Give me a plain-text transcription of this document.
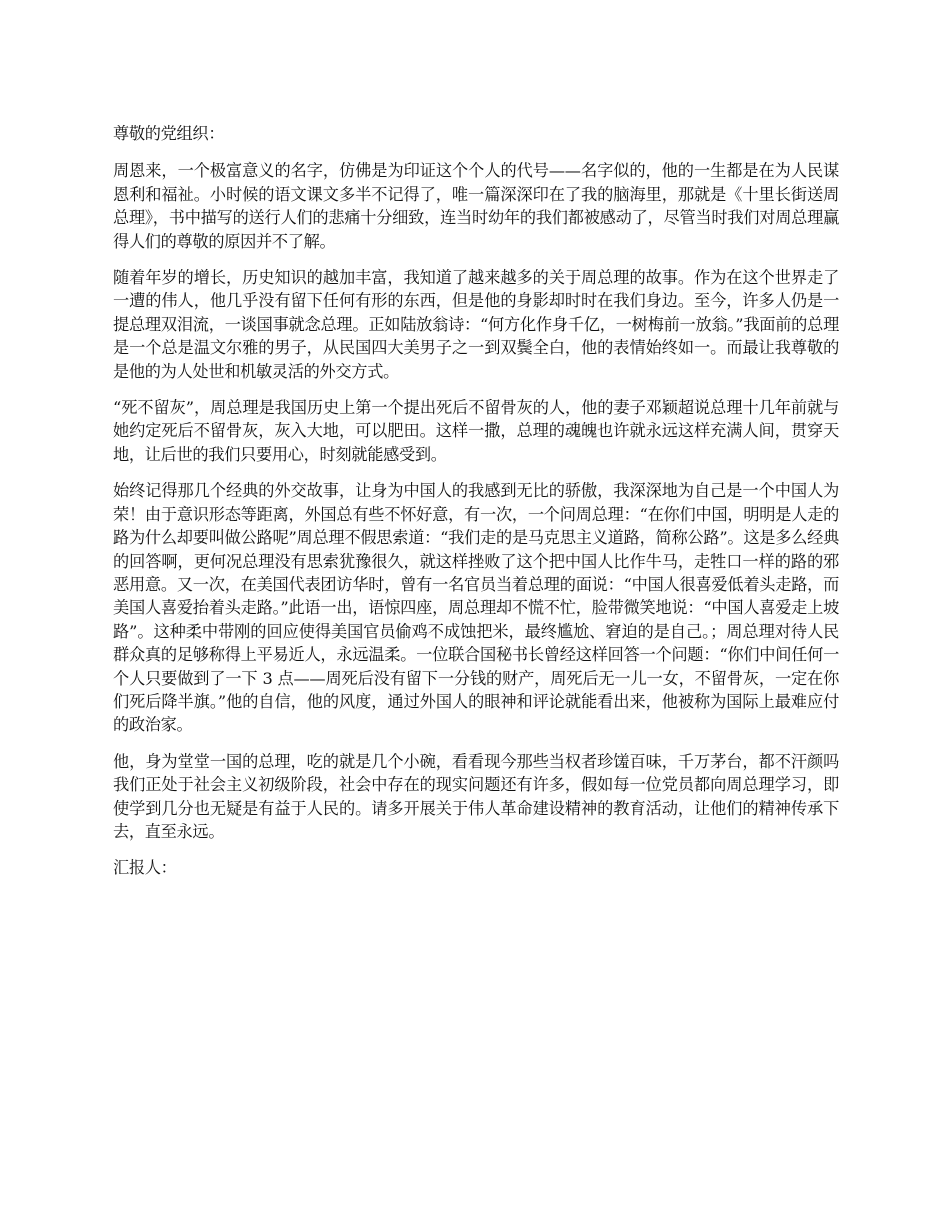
尊敬的党组织：

周恩来，一个极富意义的名字，仿佛是为印证这个个人的代号——名字似的，他的一生都是在为人民谋恩利和福祉。小时候的语文课文多半不记得了，唯一篇深深印在了我的脑海里，那就是《十里长街送周总理》，书中描写的送行人们的悲痛十分细致，连当时幼年的我们都被感动了，尽管当时我们对周总理赢得人们的尊敬的原因并不了解。

随着年岁的增长，历史知识的越加丰富，我知道了越来越多的关于周总理的故事。作为在这个世界走了一遭的伟人，他几乎没有留下任何有形的东西，但是他的身影却时时在我们身边。至今，许多人仍是一提总理双泪流，一谈国事就念总理。正如陆放翁诗：“何方化作身千亿，一树梅前一放翁。”我面前的总理是一个总是温文尔雅的男子，从民国四大美男子之一到双鬓全白，他的表情始终如一。而最让我尊敬的是他的为人处世和机敏灵活的外交方式。

“死不留灰”，周总理是我国历史上第一个提出死后不留骨灰的人，他的妻子邓颖超说总理十几年前就与她约定死后不留骨灰，灰入大地，可以肥田。这样一撒，总理的魂魄也许就永远这样充满人间，贯穿天地，让后世的我们只要用心，时刻就能感受到。

始终记得那几个经典的外交故事，让身为中国人的我感到无比的骄傲，我深深地为自己是一个中国人为荣！由于意识形态等距离，外国总有些不怀好意，有一次，一个问周总理：“在你们中国，明明是人走的路为什么却要叫做公路呢”周总理不假思索道：“我们走的是马克思主义道路，简称公路”。这是多么经典的回答啊，更何况总理没有思索犹豫很久，就这样挫败了这个把中国人比作牛马，走牲口一样的路的邪恶用意。又一次，在美国代表团访华时，曾有一名官员当着总理的面说：“中国人很喜爱低着头走路，而美国人喜爱抬着头走路。”此语一出，语惊四座，周总理却不慌不忙，脸带微笑地说：“中国人喜爱走上坡路”。这种柔中带刚的回应使得美国官员偷鸡不成蚀把米，最终尴尬、窘迫的是自己。；周总理对待人民群众真的足够称得上平易近人，永远温柔。一位联合国秘书长曾经这样回答一个问题：“你们中间任何一个人只要做到了一下 3 点——周死后没有留下一分钱的财产，周死后无一儿一女，不留骨灰，一定在你们死后降半旗。”他的自信，他的风度，通过外国人的眼神和评论就能看出来，他被称为国际上最难应付的政治家。

他，身为堂堂一国的总理，吃的就是几个小碗，看看现今那些当权者珍馐百味，千万茅台，都不汗颜吗我们正处于社会主义初级阶段，社会中存在的现实问题还有许多，假如每一位党员都向周总理学习，即使学到几分也无疑是有益于人民的。请多开展关于伟人革命建设精神的教育活动，让他们的精神传承下去，直至永远。

汇报人：
